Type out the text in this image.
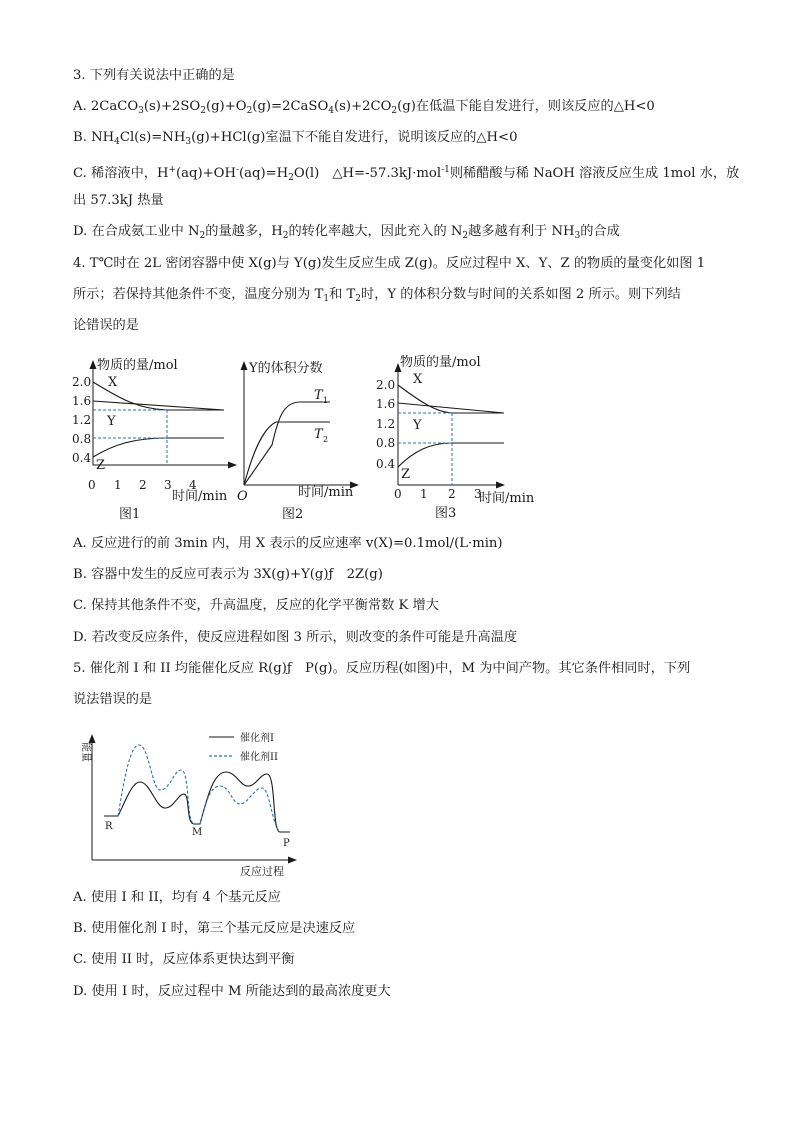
3. 下列有关说法中正确的是
A. $2CaCO_3(s)+2SO_2(g)+O_2(g)=2CaSO_4(s)+2CO_2(g)$在低温下能自发进行，则该反应的△H<0
B. $NH_4Cl(s)=NH_3(g)+HCl(g)$室温下不能自发进行，说明该反应的△H<0
C. 稀溶液中，$H^+(aq)+OH^-(aq)=H_2O(l)$　△H=-57.3kJ·mol$^{-1}$则稀醋酸与稀 NaOH 溶液反应生成 1mol 水，放
出 57.3kJ 热量
D. 在合成氨工业中 $N_2$的量越多，$H_2$的转化率越大，因此充入的 $N_2$越多越有利于 $NH_3$的合成
4. T℃时在 2L 密闭容器中使 X(g)与 Y(g)发生反应生成 Z(g)。反应过程中 X、Y、Z 的物质的量变化如图 1
所示；若保持其他条件不变，温度分别为 $T_1$和 $T_2$时，Y 的体积分数与时间的关系如图 2 所示。则下列结
论错误的是
物质的量/mol
2.0
1.6
1.2
0.8
0.4
0 1 2 3 4
时间/min
X
Y
Z
图1
Y的体积分数
O	时间/min
图2
T 1
T 2
物质的量/mol
2.0
1.6
1.2
0.8
0.4
0 1 2 3
时间/min
X
Y
Z
图3
A. 反应进行的前 3min 内，用 X 表示的反应速率 v(X)=0.1mol/(L·min)
B. 容器中发生的反应可表示为 3X(g)+Y(g)ƒ　2Z(g)
C. 保持其他条件不变，升高温度，反应的化学平衡常数 K 增大
D. 若改变反应条件，使反应进程如图 3 所示，则改变的条件可能是升高温度
5. 催化剂 I 和 II 均能催化反应 R(g)ƒ　P(g)。反应历程(如图)中，M 为中间产物。其它条件相同时，下列
说法错误的是
能量
反应过程
R
M
P
催化剂I
催化剂II
A. 使用 I 和 II，均有 4 个基元反应
B. 使用催化剂 I 时，第三个基元反应是决速反应
C. 使用 II 时，反应体系更快达到平衡
D. 使用 I 时，反应过程中 M 所能达到的最高浓度更大
